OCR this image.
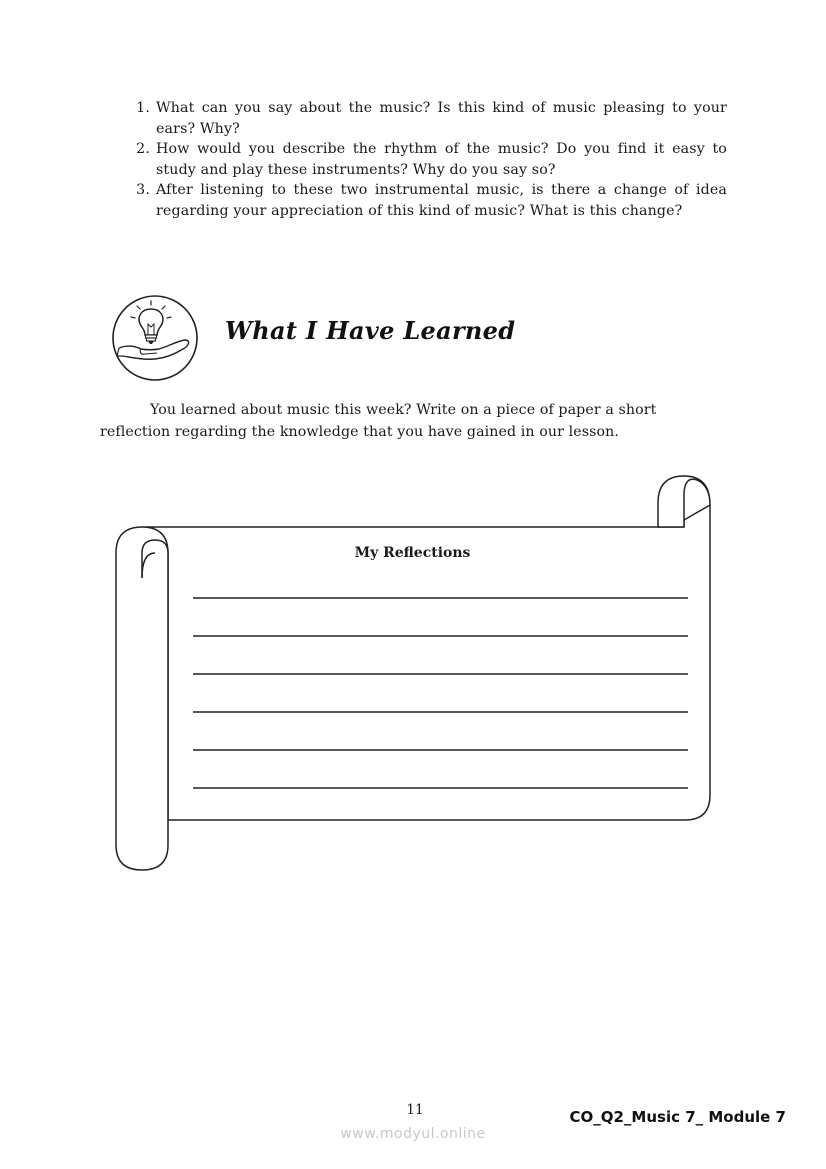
1. What can you say about the music? Is this kind of music pleasing to your ears? Why?
2. How would you describe the rhythm of the music? Do you find it easy to study and play these instruments? Why do you say so?
3. After listening to these two instrumental music, is there a change of idea regarding your appreciation of this kind of music? What is this change?
What I Have Learned

You learned about music this week? Write on a piece of paper a short reflection regarding the knowledge that you have gained in our lesson.

My Reflections
11
www.modyul.online
CO_Q2_Music 7_ Module 7
